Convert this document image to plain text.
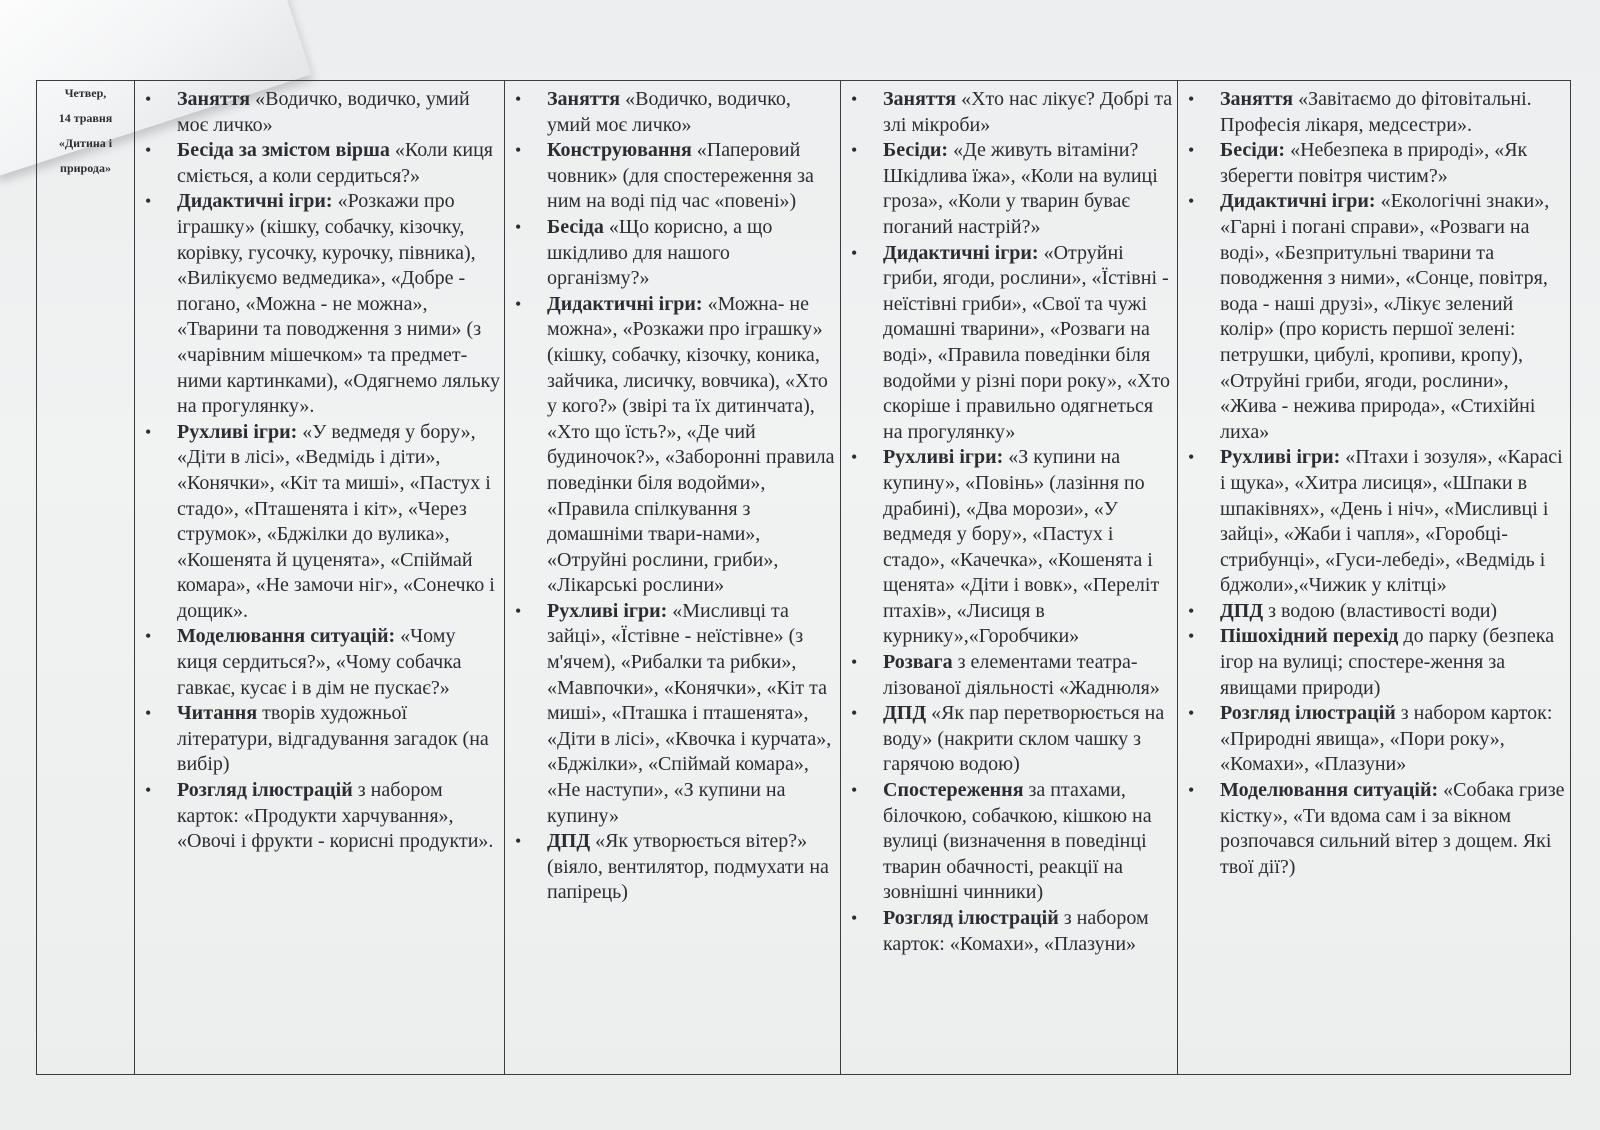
Четвер,
14 травня
«Дитина і
природа»

• Заняття «Водичко, водичко, умий моє личко»
• Бесіда за змістом вірша «Коли киця сміється, а коли сердиться?»
• Дидактичні ігри: «Розкажи про іграшку» (кішку, собачку, кізочку, корівку, гусочку, курочку, півника), «Вилікуємо ведмедика», «Добре - погано, «Можна - не можна», «Тварини та поводження з ними» (з «чарівним мішечком» та предмет-ними картинками), «Одягнемо ляльку на прогулянку».
• Рухливі ігри: «У ведмедя у бору», «Діти в лісі», «Ведмідь і діти», «Конячки», «Кіт та миші», «Пастух і стадо», «Пташенята і кіт», «Через струмок», «Бджілки до вулика», «Кошенята й цуценята», «Спіймай комара», «Не замочи ніг», «Сонечко і дощик».
• Моделювання ситуацій: «Чому киця сердиться?», «Чому собачка гавкає, кусає і в дім не пускає?»
• Читання творів художньої літератури, відгадування загадок (на вибір)
• Розгляд ілюстрацій з набором карток: «Продукти харчування», «Овочі і фрукти - корисні продукти».

• Заняття «Водичко, водичко, умий моє личко»
• Конструювання «Паперовий човник» (для спостереження за ним на воді під час «повені»)
• Бесіда «Що корисно, а що шкідливо для нашого організму?»
• Дидактичні ігри: «Можна- не можна», «Розкажи про іграшку» (кішку, собачку, кізочку, коника, зайчика, лисичку, вовчика), «Хто у кого?» (звірі та їх дитинчата), «Хто що їсть?», «Де чий будиночок?», «Заборонні правила поведінки біля водойми», «Правила спілкування з домашніми твари-нами», «Отруйні рослини, гриби», «Лікарські рослини»
• Рухливі ігри: «Мисливці та зайці», «Їстівне - неїстівне» (з м'ячем), «Рибалки та рибки», «Мавпочки», «Конячки», «Кіт та миші», «Пташка і пташенята», «Діти в лісі», «Квочка і курчата», «Бджілки», «Спіймай комара», «Не наступи», «З купини на купину»
• ДПД «Як утворюється вітер?» (віяло, вентилятор, подмухати на папірець)

• Заняття «Хто нас лікує? Добрі та злі мікроби»
• Бесіди: «Де живуть вітаміни? Шкідлива їжа», «Коли на вулиці гроза», «Коли у тварин буває поганий настрій?»
• Дидактичні ігри: «Отруйні гриби, ягоди, рослини», «Їстівні - неїстівні гриби», «Свої та чужі домашні тварини», «Розваги на воді», «Правила поведінки біля водойми у різні пори року», «Хто скоріше і правильно одягнеться на прогулянку»
• Рухливі ігри: «З купини на купину», «Повінь» (лазіння по драбині), «Два морози», «У ведмедя у бору», «Пастух і стадо», «Качечка», «Кошенята і щенята» «Діти і вовк», «Переліт птахів», «Лисиця в курнику»,«Горобчики»
• Розвага з елементами театра-лізованої діяльності «Жаднюля»
• ДПД «Як пар перетворюється на воду» (накрити склом чашку з гарячою водою)
• Спостереження за птахами, білочкою, собачкою, кішкою на вулиці (визначення в поведінці тварин обачності, реакції на зовнішні чинники)
• Розгляд ілюстрацій з набором карток: «Комахи», «Плазуни»

• Заняття «Завітаємо до фітовітальні. Професія лікаря, медсестри».
• Бесіди: «Небезпека в природі», «Як зберегти повітря чистим?»
• Дидактичні ігри: «Екологічні знаки», «Гарні і погані справи», «Розваги на воді», «Безпритульні тварини та поводження з ними», «Сонце, повітря, вода - наші друзі», «Лікує зелений колір» (про користь першої зелені: петрушки, цибулі, кропиви, кропу), «Отруйні гриби, ягоди, рослини», «Жива - нежива природа», «Стихійні лиха»
• Рухливі ігри: «Птахи і зозуля», «Карасі і щука», «Хитра лисиця», «Шпаки в шпаківнях», «День і ніч», «Мисливці і зайці», «Жаби і чапля», «Горобці-стрибунці», «Гуси-лебеді», «Ведмідь і бджоли»,«Чижик у клітці»
• ДПД з водою (властивості води)
• Пішохідний перехід до парку (безпека ігор на вулиці; спостере-ження за явищами природи)
• Розгляд ілюстрацій з набором карток: «Природні явища», «Пори року», «Комахи», «Плазуни»
• Моделювання ситуацій: «Собака гризе кістку», «Ти вдома сам і за вікном розпочався сильний вітер з дощем. Які твої дії?)
